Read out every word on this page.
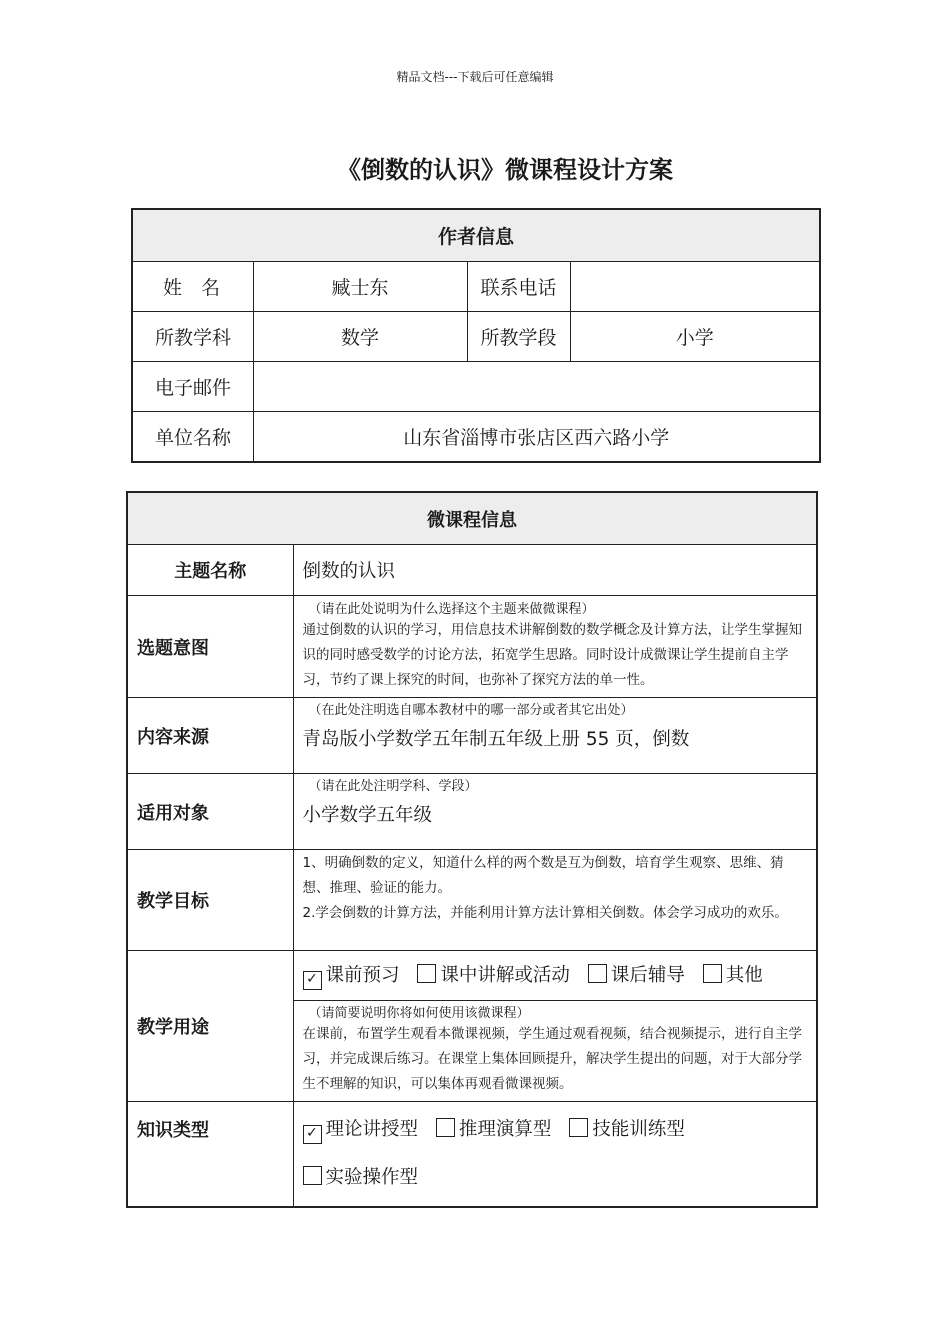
精品文档---下载后可任意编辑
《倒数的认识》微课程设计方案
作者信息			
姓　名	臧士东	联系电话	
所教学科	数学	所教学段	小学
电子邮件			
单位名称	山东省淄博市张店区西六路小学		
微课程信息	
主题名称	倒数的认识
选题意图	（请在此处说明为什么选择这个主题来做微课程）
通过倒数的认识的学习，用信息技术讲解倒数的数学概念及计算方法，让学生掌握知识的同时感受数学的讨论方法，拓宽学生思路。同时设计成微课让学生提前自主学习，节约了课上探究的时间，也弥补了探究方法的单一性。

内容来源	（在此处注明选自哪本教材中的哪一部分或者其它出处）
青岛版小学数学五年制五年级上册 55 页，倒数

适用对象	（请在此处注明学科、学段）
小学数学五年级

教学目标	1、明确倒数的定义，知道什么样的两个数是互为倒数，培育学生观察、思维、猜想、推理、验证的能力。
2.学会倒数的计算方法，并能利用计算方法计算相关倒数。体会学习成功的欢乐。

教学用途	✓ 课前预习 课中讲解或活动 课后辅导 其他

	（请简要说明你将如何使用该微课程）
在课前，布置学生观看本微课视频，学生通过观看视频，结合视频提示，进行自主学习，并完成课后练习。在课堂上集体回顾提升，解决学生提出的问题，对于大部分学生不理解的知识，可以集体再观看微课视频。

知识类型	✓ 理论讲授型 推理演算型 技能训练型 实验操作型
